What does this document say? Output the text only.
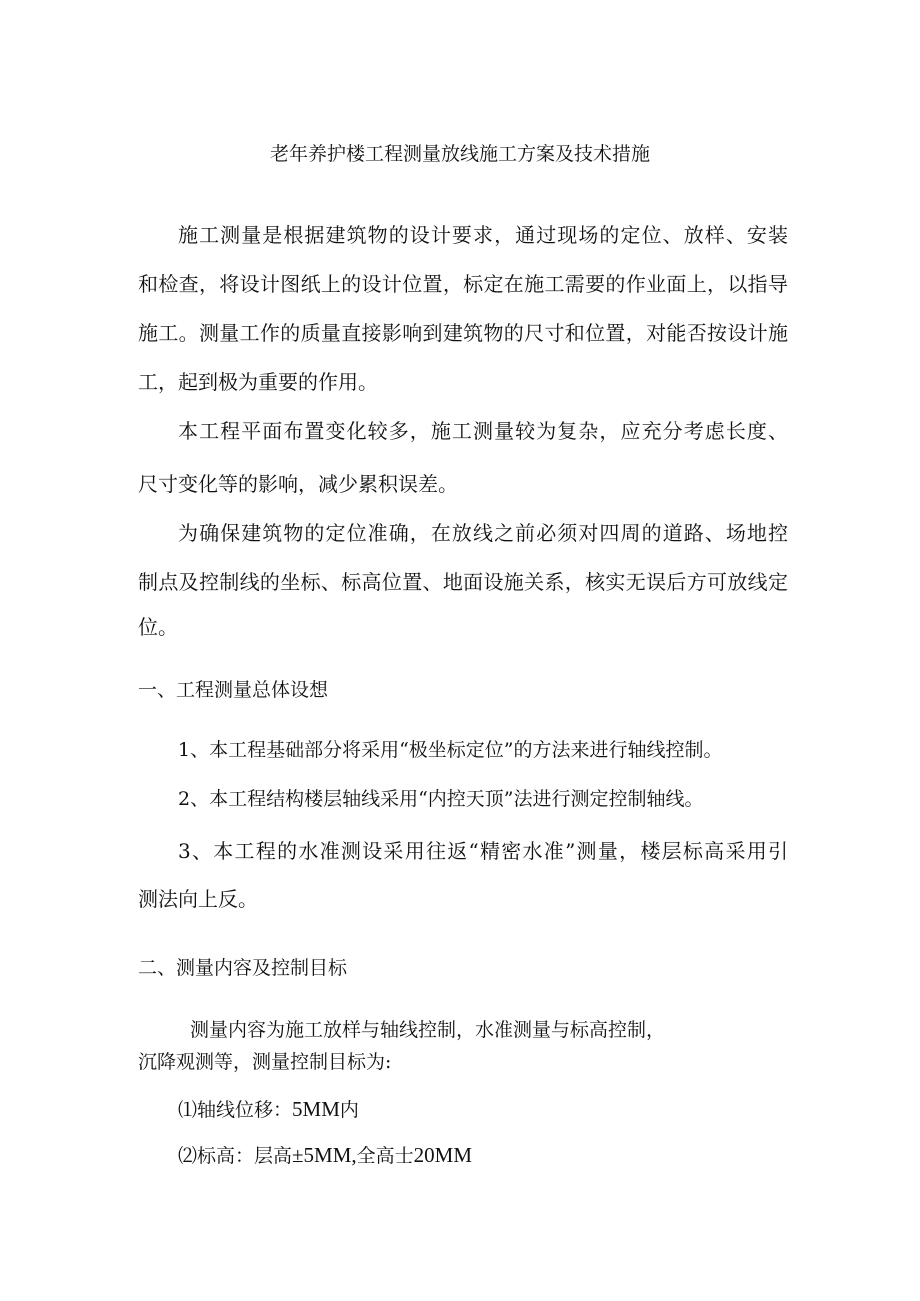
老年养护楼工程测量放线施工方案及技术措施
施工测量是根据建筑物的设计要求，通过现场的定位、放样、安装
和检查，将设计图纸上的设计位置，标定在施工需要的作业面上，以指导
施工。测量工作的质量直接影响到建筑物的尺寸和位置，对能否按设计施
工，起到极为重要的作用。
本工程平面布置变化较多，施工测量较为复杂，应充分考虑长度、
尺寸变化等的影响，减少累积误差。
为确保建筑物的定位准确，在放线之前必须对四周的道路、场地控
制点及控制线的坐标、标高位置、地面设施关系，核实无误后方可放线定
位。
一、工程测量总体设想
1、本工程基础部分将采用“极坐标定位”的方法来进行轴线控制。
2、本工程结构楼层轴线采用“内控天顶”法进行测定控制轴线。
3、本工程的水准测设采用往返“精密水准”测量，楼层标高采用引
测法向上反。
二、测量内容及控制目标
测量内容为施工放样与轴线控制，水准测量与标高控制，
沉降观测等，测量控制目标为:
⑴轴线位移：5MM内
⑵标高：层高±5MM,全高士20MM
